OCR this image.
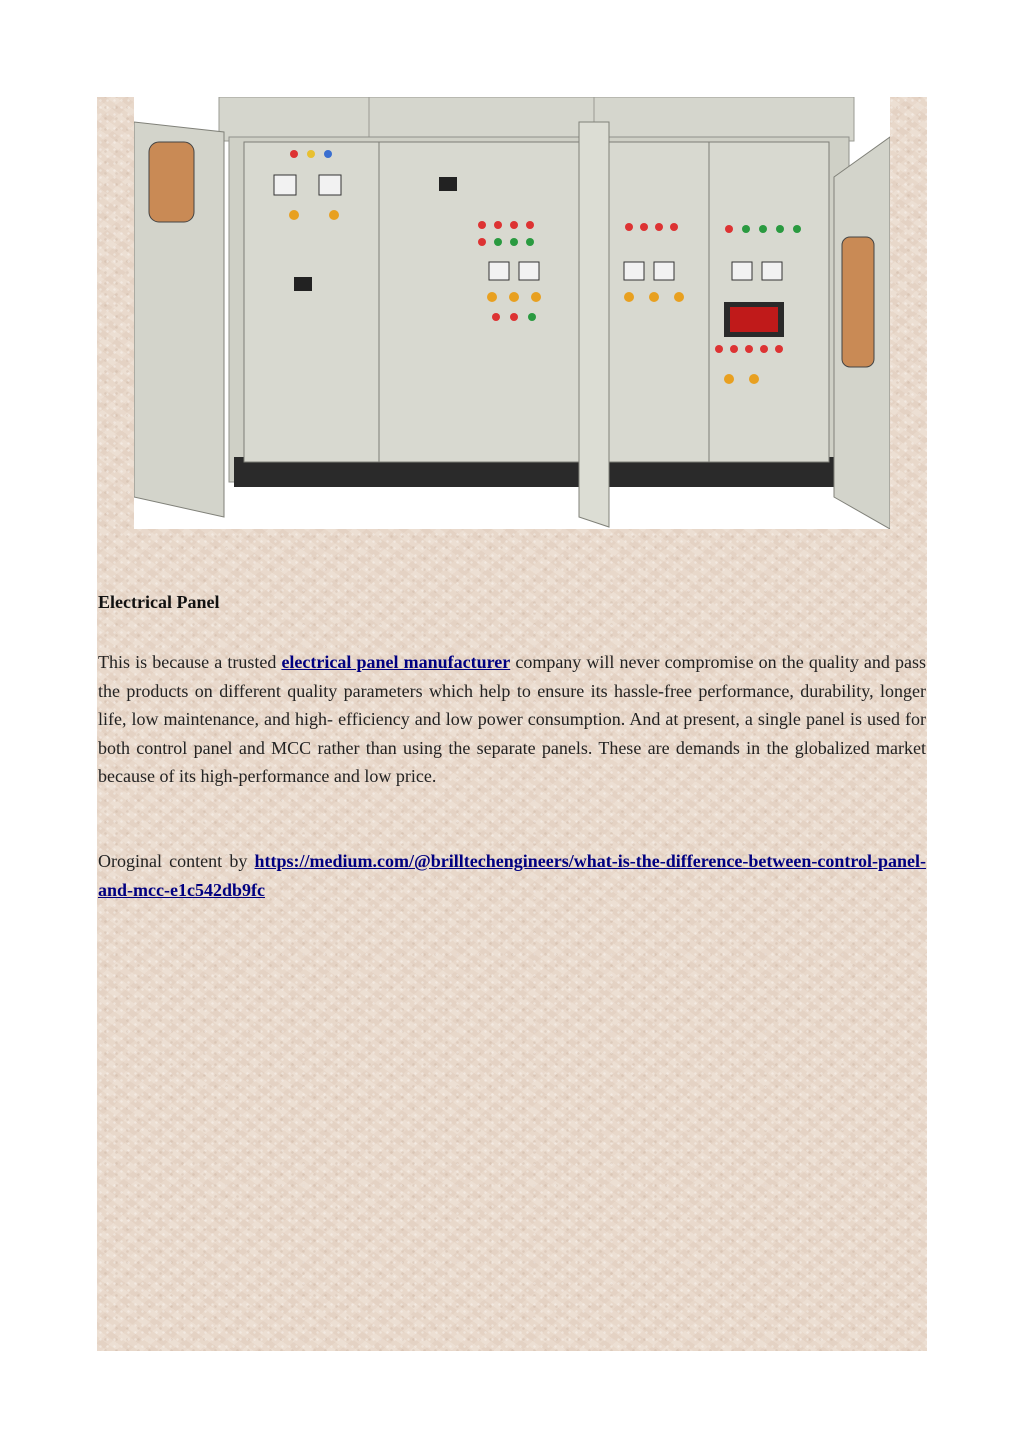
Electrical Panel

This is because a trusted electrical panel manufacturer company will never compromise on the quality and pass the products on different quality parameters which help to ensure its hassle-free performance, durability, longer life, low maintenance, and high- efficiency and low power consumption. And at present, a single panel is used for both control panel and MCC rather than using the separate panels. These are demands in the globalized market because of its high-performance and low price.

Oroginal content by https://medium.com/@brilltechengineers/what-is-the-difference-between-control-panel-and-mcc-e1c542db9fc
